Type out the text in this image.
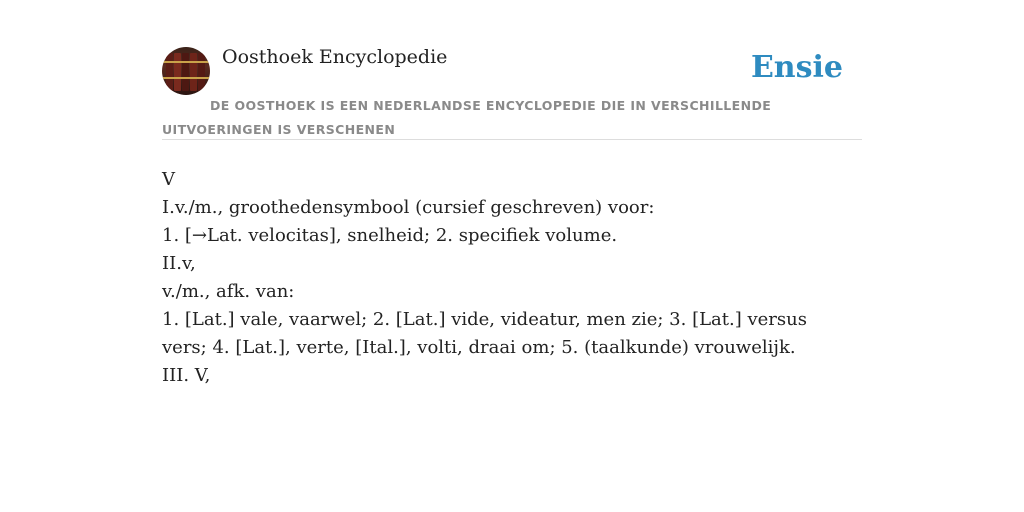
Oosthoek Encyclopedie	Ensie
DE OOSTHOEK IS EEN NEDERLANDSE ENCYCLOPEDIE DIE IN VERSCHILLENDE UITVOERINGEN IS VERSCHENEN

V

I.v./m., groothedensymbool (cursief geschreven) voor:

1. [→Lat. velocitas], snelheid; 2. specifiek volume.

II.v,

v./m., afk. van:

1. [Lat.] vale, vaarwel; 2. [Lat.] vide, videatur, men zie; 3. [Lat.] versus vers; 4. [Lat.], verte, [Ital.], volti, draai om; 5. (taalkunde) vrouwelijk.

III. V,
